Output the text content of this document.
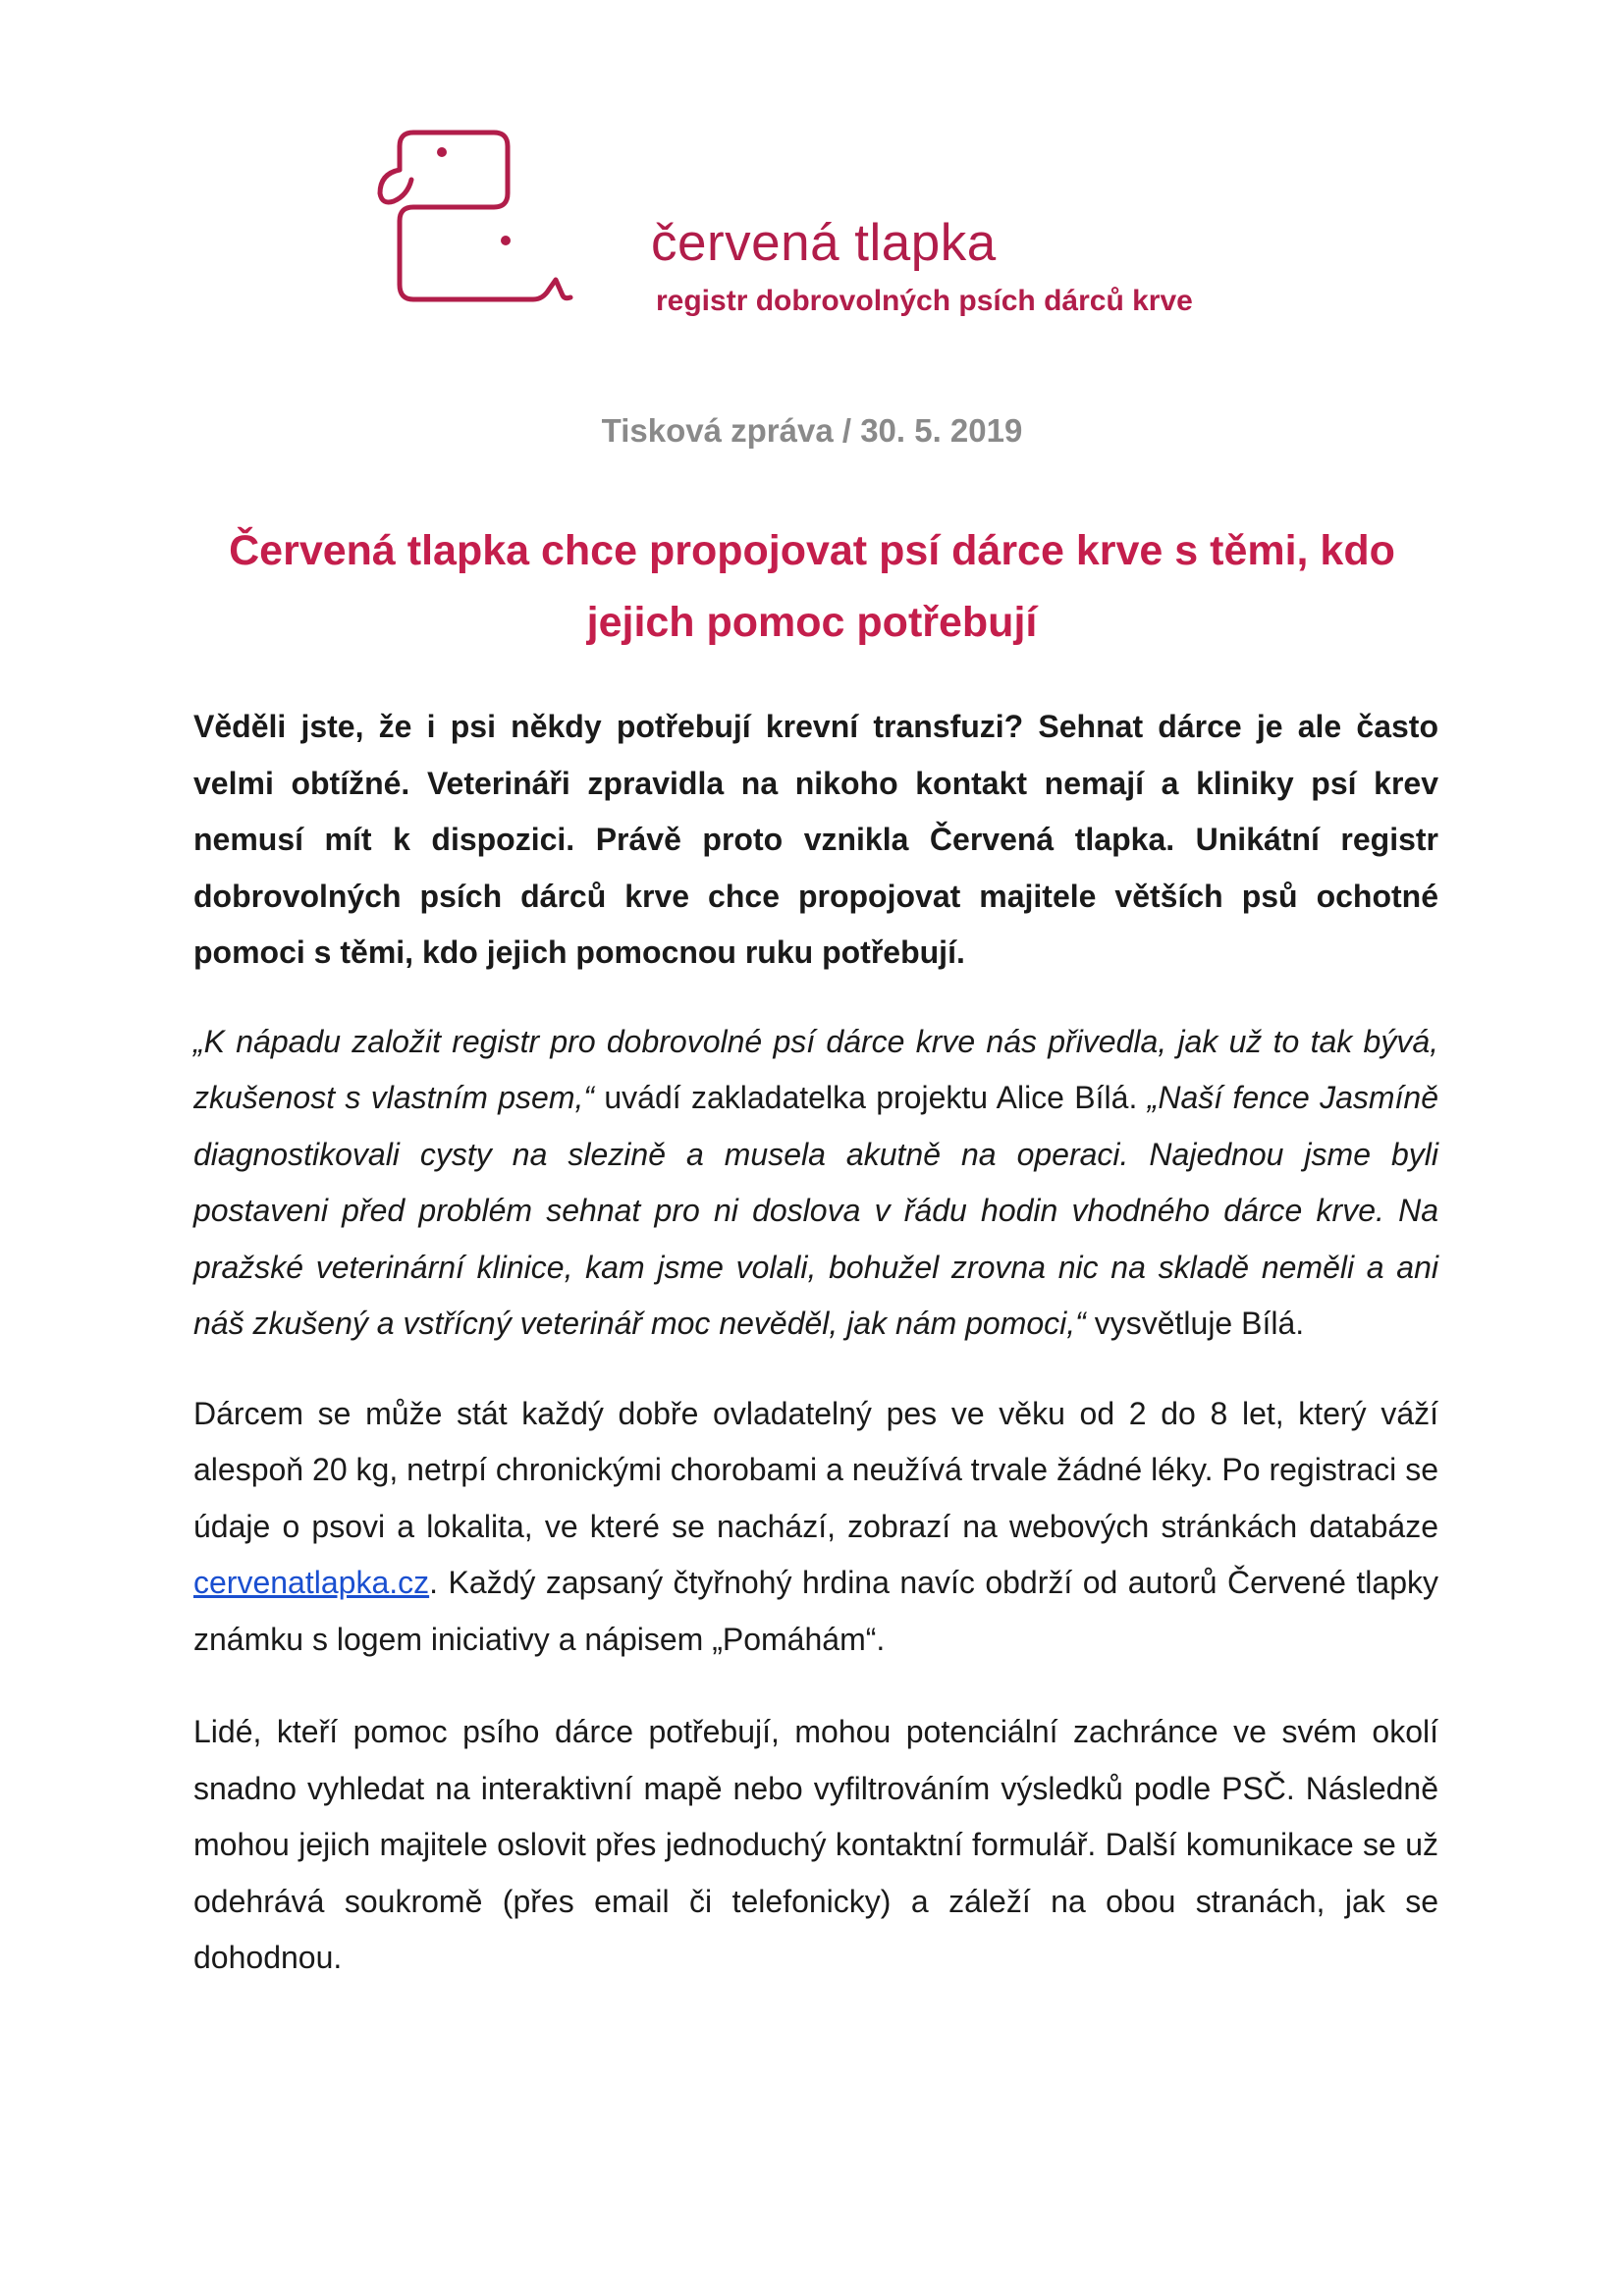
červená tlapka
registr dobrovolných psích dárců krve
Tisková zpráva / 30. 5. 2019
Červená tlapka chce propojovat psí dárce krve s těmi, kdo
jejich pomoc potřebují

Věděli jste, že i psi někdy potřebují krevní transfuzi? Sehnat dárce je ale často velmi obtížné. Veterináři zpravidla na nikoho kontakt nemají a kliniky psí krev nemusí mít k dispozici. Právě proto vznikla Červená tlapka. Unikátní registr dobrovolných psích dárců krve chce propojovat majitele větších psů ochotné pomoci s těmi, kdo jejich pomocnou ruku potřebují.

„K nápadu založit registr pro dobrovolné psí dárce krve nás přivedla, jak už to tak bývá, zkušenost s vlastním psem,“ uvádí zakladatelka projektu Alice Bílá. „Naší fence Jasmíně diagnostikovali cysty na slezině a musela akutně na operaci. Najednou jsme byli postaveni před problém sehnat pro ni doslova v řádu hodin vhodného dárce krve. Na pražské veterinární klinice, kam jsme volali, bohužel zrovna nic na skladě neměli a ani náš zkušený a vstřícný veterinář moc nevěděl, jak nám pomoci,“ vysvětluje Bílá.

Dárcem se může stát každý dobře ovladatelný pes ve věku od 2 do 8 let, který váží alespoň 20 kg, netrpí chronickými chorobami a neužívá trvale žádné léky. Po registraci se údaje o psovi a lokalita, ve které se nachází, zobrazí na webových stránkách databáze cervenatlapka.cz. Každý zapsaný čtyřnohý hrdina navíc obdrží od autorů Červené tlapky známku s logem iniciativy a nápisem „Pomáhám“.

Lidé, kteří pomoc psího dárce potřebují, mohou potenciální zachránce ve svém okolí snadno vyhledat na interaktivní mapě nebo vyfiltrováním výsledků podle PSČ. Následně mohou jejich majitele oslovit přes jednoduchý kontaktní formulář. Další komunikace se už odehrává soukromě (přes email či telefonicky) a záleží na obou stranách, jak se dohodnou.
